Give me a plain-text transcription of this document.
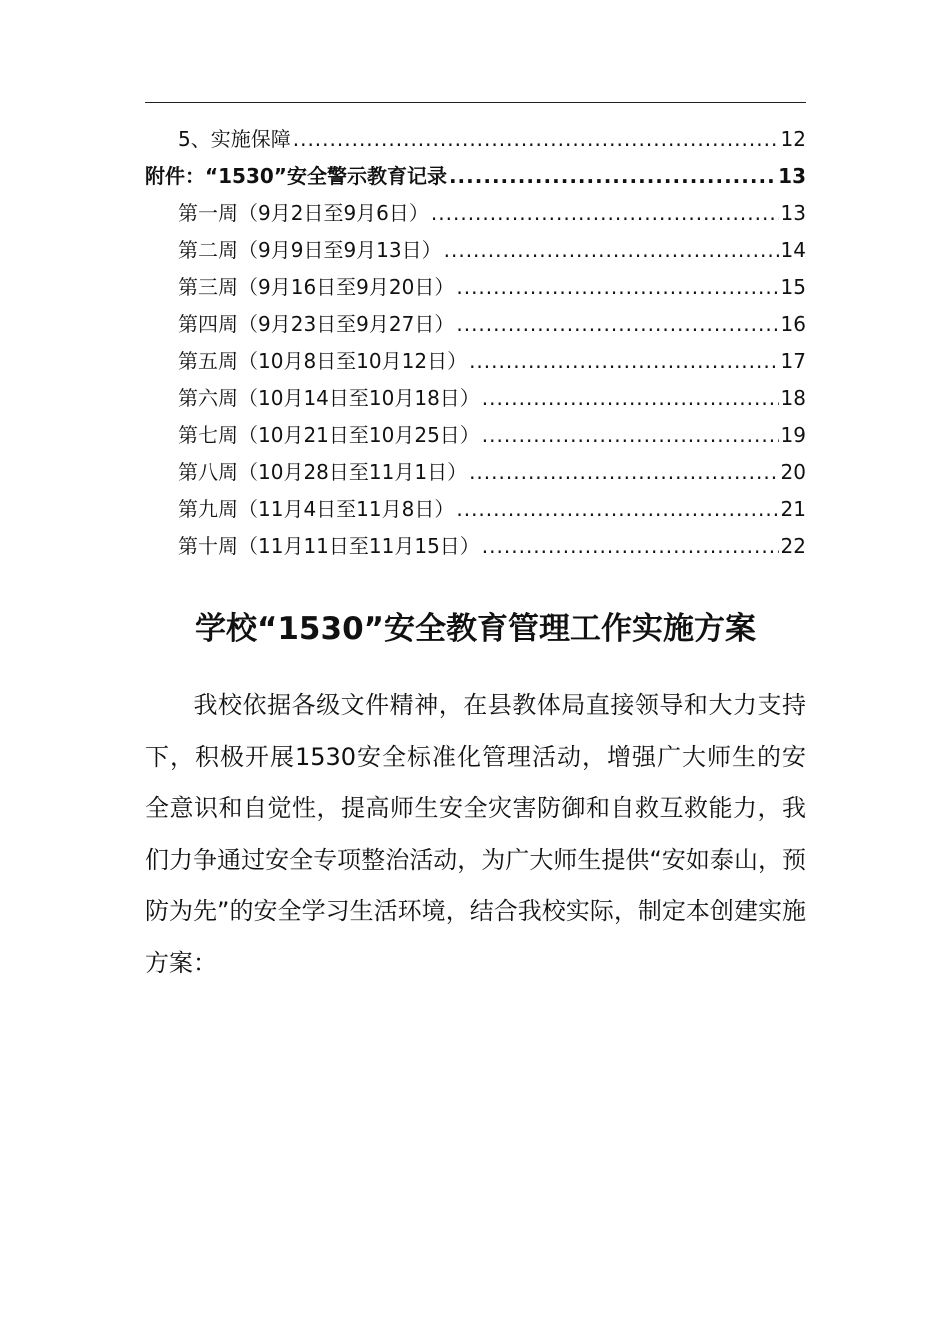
5、实施保障 .....	12
附件：“1530”安全警示教育记录 .....	13
第一周（9月2日至9月6日） .....	13
第二周（9月9日至9月13日） .....	14
第三周（9月16日至9月20日） .....	15
第四周（9月23日至9月27日） .....	16
第五周（10月8日至10月12日） .....	17
第六周（10月14日至10月18日） .....	18
第七周（10月21日至10月25日） .....	19
第八周（10月28日至11月1日） .....	20
第九周（11月4日至11月8日） .....	21
第十周（11月11日至11月15日） .....	22
学校“1530”安全教育管理工作实施方案
我校依据各级文件精神，在县教体局直接领导和大力支持下，积极开展1530安全标准化管理活动，增强广大师生的安全意识和自觉性，提高师生安全灾害防御和自救互救能力，我们力争通过安全专项整治活动，为广大师生提供“安如泰山，预防为先”的安全学习生活环境，结合我校实际，制定本创建实施方案：
